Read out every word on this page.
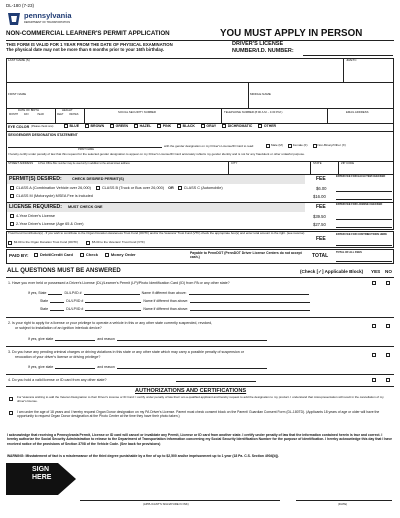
DL-180 (7-23)
pennsylvania
DEPARTMENT OF TRANSPORTATION
NON-COMMERCIAL LEARNER'S PERMIT APPLICATION	YOU MUST APPLY IN PERSON
THIS FORM IS VALID FOR 1 YEAR FROM THE DATE OF PHYSICAL EXAMINATION
The physical date may not be more than 6 months prior to your 16th birthday.
DRIVER'S LICENSE
NUMBER/I.D. NUMBER:
LAST NAME (S)	JR/ETC
FIRST NAME	MIDDLE NAME
DATE OF BIRTH
MONTH DAY	YEAR
HEIGHT
FEET INCHES
SOCIAL SECURITY NUMBER	TELEPHONE NUMBER (8:00 A.M. - 4:30 P.M.)	EMAIL ADDRESS
EYE COLOR (Please check one)	BLUE	BROWN	GREEN	HAZEL	PINK	BLACK	GRAY	DICHROMATIC	OTHER
SEX/GENDER DESIGNATION STATEMENT
PRINT NAME
with the gender designation on my Driver's License/ID Card to read:	Male (M)	Female (F)	Non-Binary/Other (X)
I hereby certify under penalty of law that this request for the selected gender designation to appear on my Driver's License/ID Card accurately reflects my gender identity and is not for any fraudulent or other unlawful purpose.
STREET ADDRESS A Post Office Box number may be used only in addition to the actual street address	CITY	STATE	ZIP CODE
PERMIT(S) DESIRED:	CHECK DESIRED PERMIT(S)	FEE	ENTER FEE FOR EACH ITEM CHECKED
CLASS A (Combination Vehicle over 26,000)	CLASS B (Truck or Bus over 26,000) OR	CLASS C (Automobile)	$6.00
CLASS M (Motorcycle) MSEA Fee is included	$16.00
LICENSE REQUIRED: MUST CHECK ONE	FEE	ENTER FEE FOR LICENSE CHECKED
4-Year Driver's License	$39.50
2-Year Driver's License (Age 65 & Over)	$27.50
Trust Fund Contribution(s) - If you wish to contribute to the Organ Donation Awareness Trust Fund (ODTF) and/or the Veterans' Trust Fund (VTF) check the appropriate box(s) and enter total amount to the right. (see reverse)
$3.00 to the Organ Donation Trust Fund (ODTF)	$5.00 to the Veterans' Trust Fund (VTF)
FEE
ENTER FEE FOR CONTRIBUTIONS HERE
PAID BY:	Debit/Credit Card	Check	Money Order	Payable to PennDOT (PennDOT Driver License Centers do not accept cash.)	TOTAL
TOTAL OF ALL FEES
ALL QUESTIONS MUST BE ANSWERED	(Check [✓] Applicable Block) YES NO
1. Have you ever held or possessed a Driver's License (DL)/Learner's Permit (LP)/Photo Identification Card (ID) from PA or any other state?
If yes, State	DL/LP/ID #	Name if different than above:
State	DL/LP/ID #	Name if different than above:
State	DL/LP/ID #	Name if different than above:
2. Is your right to apply for a license or your privilege to operate a vehicle in this or any other state currently suspended, revoked,
or subject to installation of an ignition interlock device?
If yes, give state	and reason
3. Do you have any pending criminal charges or driving violations in this state or any other state which may carry a possible penalty of suspension or
revocation of your driver's license or driving privilege?
If yes, give state	and reason
4. Do you hold a valid license or ID card from any other state?
AUTHORIZATIONS AND CERTIFICATIONS
For Veterans wishing to add the Veteran Designation to their Driver's License or ID Card: I certify under penalty of law that I am a qualified applicant and hereby request to add the designation to my product. I understand that misrepresentation will result in the cancellation of my driver's license.
I am under the age of 18 years and I hereby request Organ Donor designation on my PA Driver's License. Parent must check consent block on the Parent/ Guardian Consent Form (DL-180TD). (Applicants 18 years of age or older will have the opportunity to request Organ Donor designation at the Photo Center at the time they have their photo taken.)
I acknowledge that receiving a Pennsylvania Permit, License or ID card will cancel or invalidate any Permit, License or ID card from another state. I certify under penalty of law that the information contained herein is true and correct. I hereby authorize the Social Security Administration to release to the Department of Transportation information concerning my Social Security Identification Number for the purpose of identification. I hereby acknowledge this day that I have received notice of the provisions of Section 3708 of the Vehicle Code. (See back for provisions)
WARNING: Misstatement of fact is a misdemeanor of the third degree punishable by a fine of up to $2,500 and/or imprisonment up to 1 year (18 Pa. C.S. Section 4904[b]).
SIGN
HERE
(APPLICANT'S SIGNATURE IN INK)	(DATE)
